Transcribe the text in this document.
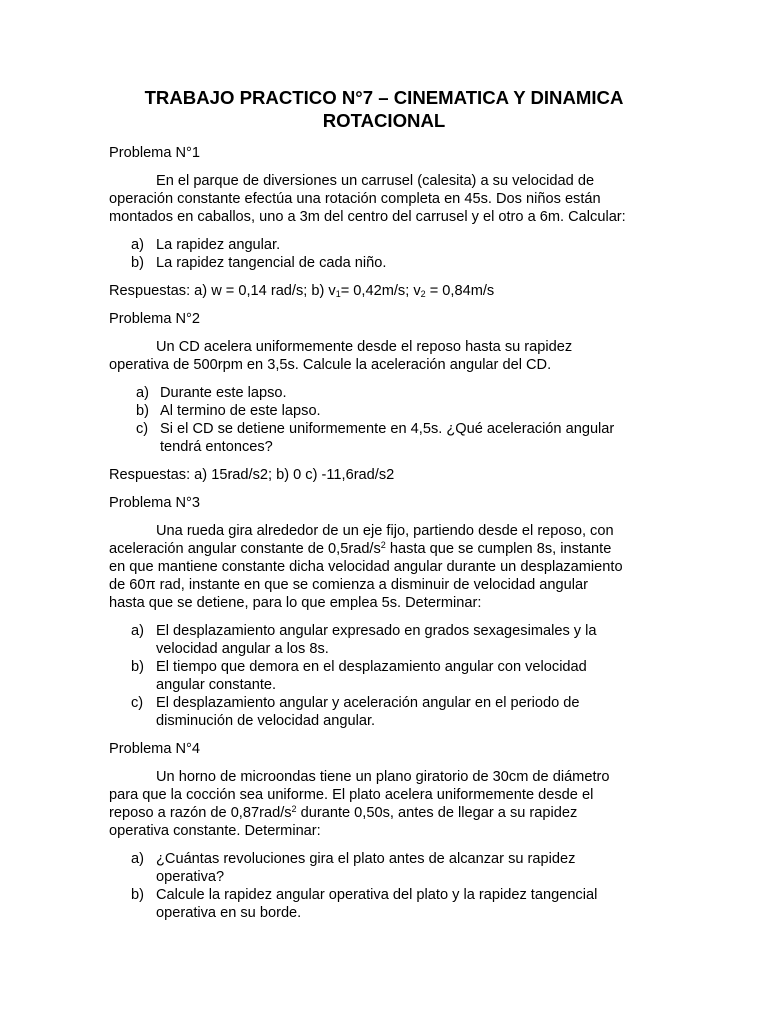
TRABAJO PRACTICO N°7 – CINEMATICA Y DINAMICA
ROTACIONAL

Problema N°1

En el parque de diversiones un carrusel (calesita) a su velocidad de

operación constante efectúa una rotación completa en 45s. Dos niños están

montados en caballos, uno a 3m del centro del carrusel y el otro a 6m. Calcular:

a) La rapidez angular.

b) La rapidez tangencial de cada niño.

Respuestas: a) w = 0,14 rad/s; b) $v_1= 0,42m/s$; $v_2 = 0,84m/s$

Problema N°2

Un CD acelera uniformemente desde el reposo hasta su rapidez

operativa de 500rpm en 3,5s. Calcule la aceleración angular del CD.

a) Durante este lapso.

b) Al termino de este lapso.

c) Si el CD se detiene uniformemente en 4,5s. ¿Qué aceleración angular

tendrá entonces?

Respuestas: a) 15rad/s2; b) 0 c) -11,6rad/s2

Problema N°3

Una rueda gira alrededor de un eje fijo, partiendo desde el reposo, con

aceleración angular constante de $0,5rad/s^2$ hasta que se cumplen 8s, instante

en que mantiene constante dicha velocidad angular durante un desplazamiento

de 60π rad, instante en que se comienza a disminuir de velocidad angular

hasta que se detiene, para lo que emplea 5s. Determinar:

a) El desplazamiento angular expresado en grados sexagesimales y la

velocidad angular a los 8s.

b) El tiempo que demora en el desplazamiento angular con velocidad

angular constante.

c) El desplazamiento angular y aceleración angular en el periodo de

disminución de velocidad angular.

Problema N°4

Un horno de microondas tiene un plano giratorio de 30cm de diámetro

para que la cocción sea uniforme. El plato acelera uniformemente desde el

reposo a razón de $0,87rad/s^2$ durante 0,50s, antes de llegar a su rapidez

operativa constante. Determinar:

a) ¿Cuántas revoluciones gira el plato antes de alcanzar su rapidez

operativa?

b) Calcule la rapidez angular operativa del plato y la rapidez tangencial

operativa en su borde.
